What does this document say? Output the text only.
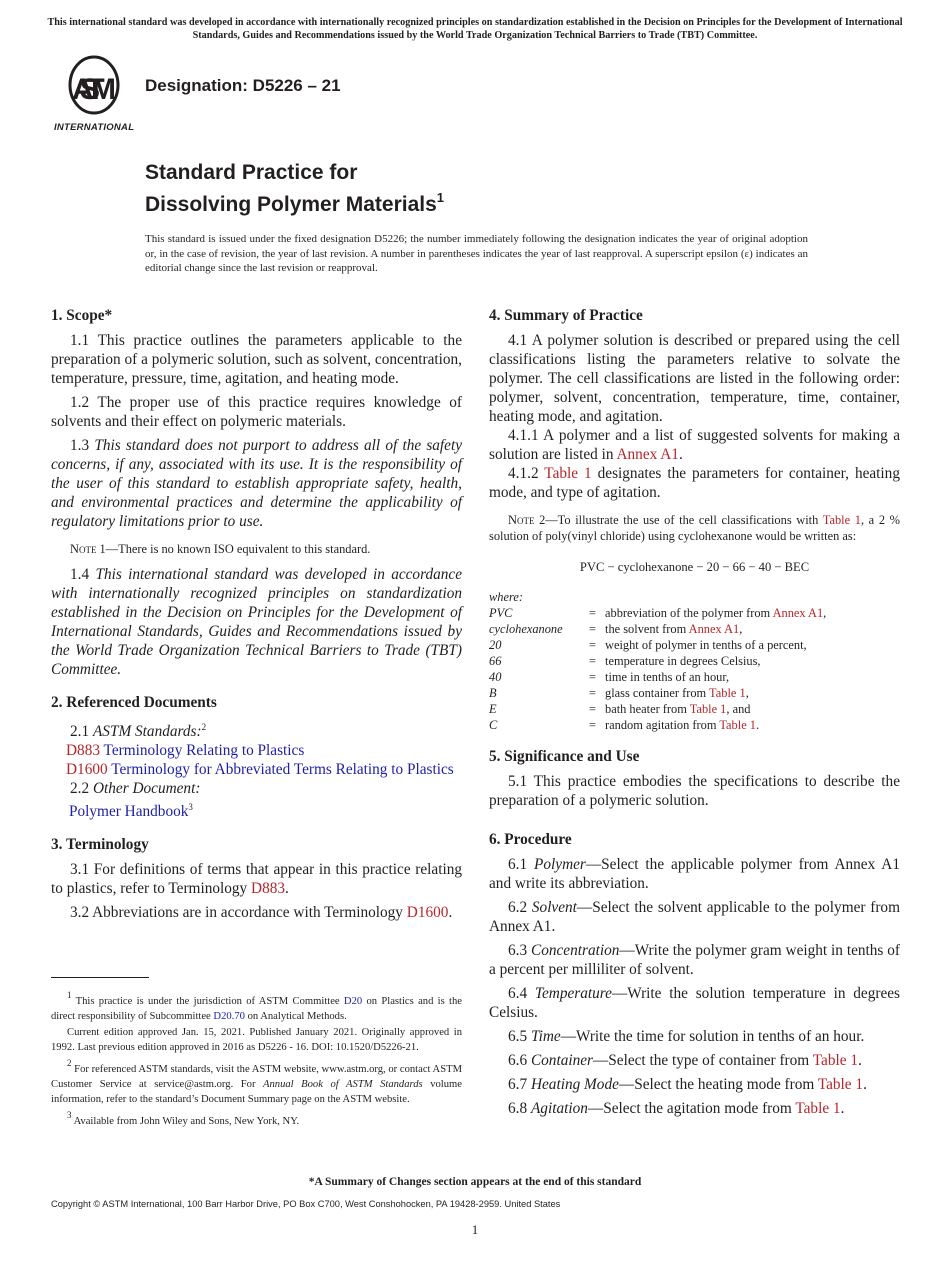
This international standard was developed in accordance with internationally recognized principles on standardization established in the Decision on Principles for the Development of International Standards, Guides and Recommendations issued by the World Trade Organization Technical Barriers to Trade (TBT) Committee.
ASTM
INTERNATIONAL
Designation: D5226 – 21
Standard Practice for
Dissolving Polymer Materials$^1$
This standard is issued under the fixed designation D5226; the number immediately following the designation indicates the year of original adoption or, in the case of revision, the year of last revision. A number in parentheses indicates the year of last reapproval. A superscript epsilon (ε) indicates an editorial change since the last revision or reapproval.
1. Scope*

1.1 This practice outlines the parameters applicable to the preparation of a polymeric solution, such as solvent, concentration, temperature, pressure, time, agitation, and heating mode.

1.2 The proper use of this practice requires knowledge of solvents and their effect on polymeric materials.

1.3 This standard does not purport to address all of the safety concerns, if any, associated with its use. It is the responsibility of the user of this standard to establish appropriate safety, health, and environmental practices and determine the applicability of regulatory limitations prior to use.

Note 1—There is no known ISO equivalent to this standard.

1.4 This international standard was developed in accordance with internationally recognized principles on standardization established in the Decision on Principles for the Development of International Standards, Guides and Recommendations issued by the World Trade Organization Technical Barriers to Trade (TBT) Committee.

2. Referenced Documents

2.1 ASTM Standards:$^2$

D883 Terminology Relating to Plastics

D1600 Terminology for Abbreviated Terms Relating to Plastics

2.2 Other Document:

Polymer Handbook$^3$

3. Terminology

3.1 For definitions of terms that appear in this practice relating to plastics, refer to Terminology D883.

3.2 Abbreviations are in accordance with Terminology D1600.

$^1$ This practice is under the jurisdiction of ASTM Committee D20 on Plastics and is the direct responsibility of Subcommittee D20.70 on Analytical Methods.

Current edition approved Jan. 15, 2021. Published January 2021. Originally approved in 1992. Last previous edition approved in 2016 as D5226 - 16. DOI: 10.1520/D5226-21.

$^2$ For referenced ASTM standards, visit the ASTM website, www.astm.org, or contact ASTM Customer Service at service@astm.org. For Annual Book of ASTM Standards volume information, refer to the standard’s Document Summary page on the ASTM website.

$^3$ Available from John Wiley and Sons, New York, NY.

4. Summary of Practice

4.1 A polymer solution is described or prepared using the cell classifications listing the parameters relative to solvate the polymer. The cell classifications are listed in the following order: polymer, solvent, concentration, temperature, time, container, heating mode, and agitation.

4.1.1 A polymer and a list of suggested solvents for making a solution are listed in Annex A1.

4.1.2 Table 1 designates the parameters for container, heating mode, and type of agitation.

Note 2—To illustrate the use of the cell classifications with Table 1, a 2 % solution of poly(vinyl chloride) using cyclohexanone would be written as:

PVC − cyclohexanone − 20 − 66 − 40 − BEC
where:
PVC	= abbreviation of the polymer from Annex A1,
cyclohexanone	= the solvent from Annex A1,
20	= weight of polymer in tenths of a percent,
66	= temperature in degrees Celsius,
40	= time in tenths of an hour,
B	= glass container from Table 1,
E	= bath heater from Table 1, and
C	= random agitation from Table 1.
5. Significance and Use

5.1 This practice embodies the specifications to describe the preparation of a polymeric solution.

6. Procedure

6.1 Polymer—Select the applicable polymer from Annex A1 and write its abbreviation.

6.2 Solvent—Select the solvent applicable to the polymer from Annex A1.

6.3 Concentration—Write the polymer gram weight in tenths of a percent per milliliter of solvent.

6.4 Temperature—Write the solution temperature in degrees Celsius.

6.5 Time—Write the time for solution in tenths of an hour.

6.6 Container—Select the type of container from Table 1.

6.7 Heating Mode—Select the heating mode from Table 1.

6.8 Agitation—Select the agitation mode from Table 1.

*A Summary of Changes section appears at the end of this standard
Copyright © ASTM International, 100 Barr Harbor Drive, PO Box C700, West Conshohocken, PA 19428-2959. United States
1
